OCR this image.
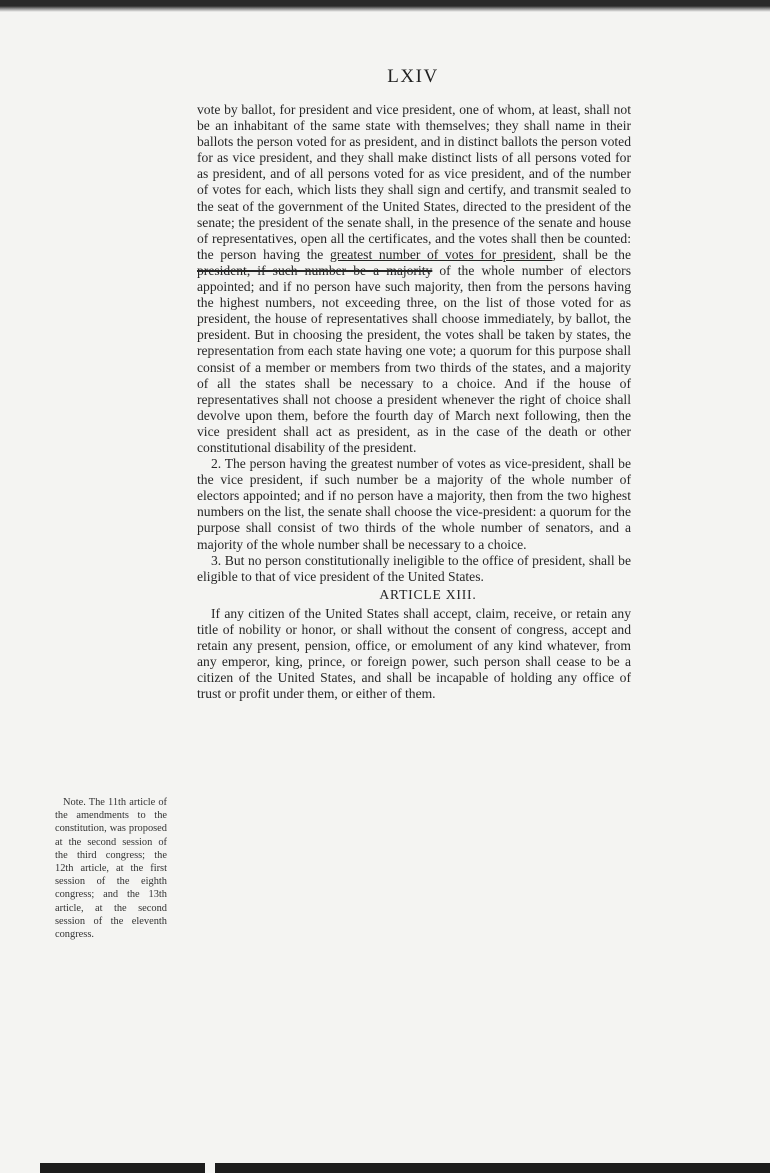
LXIV

vote by ballot, for president and vice president, one of whom, at least, shall not be an inhabitant of the same state with themselves; they shall name in their ballots the person voted for as president, and in distinct ballots the person voted for as vice president, and they shall make distinct lists of all persons voted for as president, and of all persons voted for as vice president, and of the number of votes for each, which lists they shall sign and certify, and transmit sealed to the seat of the government of the United States, directed to the president of the senate; the president of the senate shall, in the presence of the senate and house of representatives, open all the certificates, and the votes shall then be counted: the person having the greatest number of votes for president, shall be the president, if such number be a majority of the whole number of electors appointed; and if no person have such majority, then from the persons having the highest numbers, not exceeding three, on the list of those voted for as president, the house of representatives shall choose immediately, by ballot, the president. But in choosing the president, the votes shall be taken by states, the representation from each state having one vote; a quorum for this purpose shall consist of a member or members from two thirds of the states, and a majority of all the states shall be necessary to a choice. And if the house of representatives shall not choose a president whenever the right of choice shall devolve upon them, before the fourth day of March next following, then the vice president shall act as president, as in the case of the death or other constitutional disability of the president.

2. The person having the greatest number of votes as vice-president, shall be the vice president, if such number be a majority of the whole number of electors appointed; and if no person have a majority, then from the two highest numbers on the list, the senate shall choose the vice-president: a quorum for the purpose shall consist of two thirds of the whole number of senators, and a majority of the whole number shall be necessary to a choice.

3. But no person constitutionally ineligible to the office of president, shall be eligible to that of vice president of the United States.

ARTICLE XIII.

If any citizen of the United States shall accept, claim, receive, or retain any title of nobility or honor, or shall without the consent of congress, accept and retain any present, pension, office, or emolument of any kind whatever, from any emperor, king, prince, or foreign power, such person shall cease to be a citizen of the United States, and shall be incapable of holding any office of trust or profit under them, or either of them.

Note. The 11th article of the amendments to the constitution, was proposed at the second session of the third congress; the 12th article, at the first session of the eighth congress; and the 13th article, at the second session of the eleventh congress.
